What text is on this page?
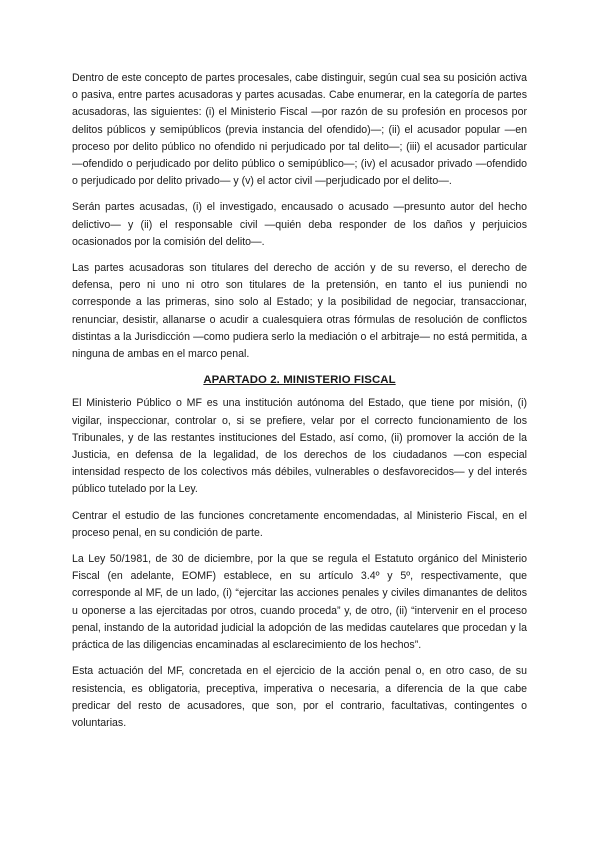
Dentro de este concepto de partes procesales, cabe distinguir, según cual sea su posición activa o pasiva, entre partes acusadoras y partes acusadas. Cabe enumerar, en la categoría de partes acusadoras, las siguientes: (i) el Ministerio Fiscal —por razón de su profesión en procesos por delitos públicos y semipúblicos (previa instancia del ofendido)—; (ii) el acusador popular —en proceso por delito público no ofendido ni perjudicado por tal delito—; (iii) el acusador particular —ofendido o perjudicado por delito público o semipúblico—; (iv) el acusador privado —ofendido o perjudicado por delito privado— y (v) el actor civil —perjudicado por el delito—.

Serán partes acusadas, (i) el investigado, encausado o acusado —presunto autor del hecho delictivo— y (ii) el responsable civil —quién deba responder de los daños y perjuicios ocasionados por la comisión del delito—.

Las partes acusadoras son titulares del derecho de acción y de su reverso, el derecho de defensa, pero ni uno ni otro son titulares de la pretensión, en tanto el ius puniendi no corresponde a las primeras, sino solo al Estado; y la posibilidad de negociar, transaccionar, renunciar, desistir, allanarse o acudir a cualesquiera otras fórmulas de resolución de conflictos distintas a la Jurisdicción —como pudiera serlo la mediación o el arbitraje— no está permitida, a ninguna de ambas en el marco penal.

APARTADO 2. MINISTERIO FISCAL

El Ministerio Público o MF es una institución autónoma del Estado, que tiene por misión, (i) vigilar, inspeccionar, controlar o, si se prefiere, velar por el correcto funcionamiento de los Tribunales, y de las restantes instituciones del Estado, así como, (ii) promover la acción de la Justicia, en defensa de la legalidad, de los derechos de los ciudadanos —con especial intensidad respecto de los colectivos más débiles, vulnerables o desfavorecidos— y del interés público tutelado por la Ley.

Centrar el estudio de las funciones concretamente encomendadas, al Ministerio Fiscal, en el proceso penal, en su condición de parte.

La Ley 50/1981, de 30 de diciembre, por la que se regula el Estatuto orgánico del Ministerio Fiscal (en adelante, EOMF) establece, en su artículo 3.4º y 5º, respectivamente, que corresponde al MF, de un lado, (i) “ejercitar las acciones penales y civiles dimanantes de delitos u oponerse a las ejercitadas por otros, cuando proceda” y, de otro, (ii) “intervenir en el proceso penal, instando de la autoridad judicial la adopción de las medidas cautelares que procedan y la práctica de las diligencias encaminadas al esclarecimiento de los hechos”.

Esta actuación del MF, concretada en el ejercicio de la acción penal o, en otro caso, de su resistencia, es obligatoria, preceptiva, imperativa o necesaria, a diferencia de la que cabe predicar del resto de acusadores, que son, por el contrario, facultativas, contingentes o voluntarias.
